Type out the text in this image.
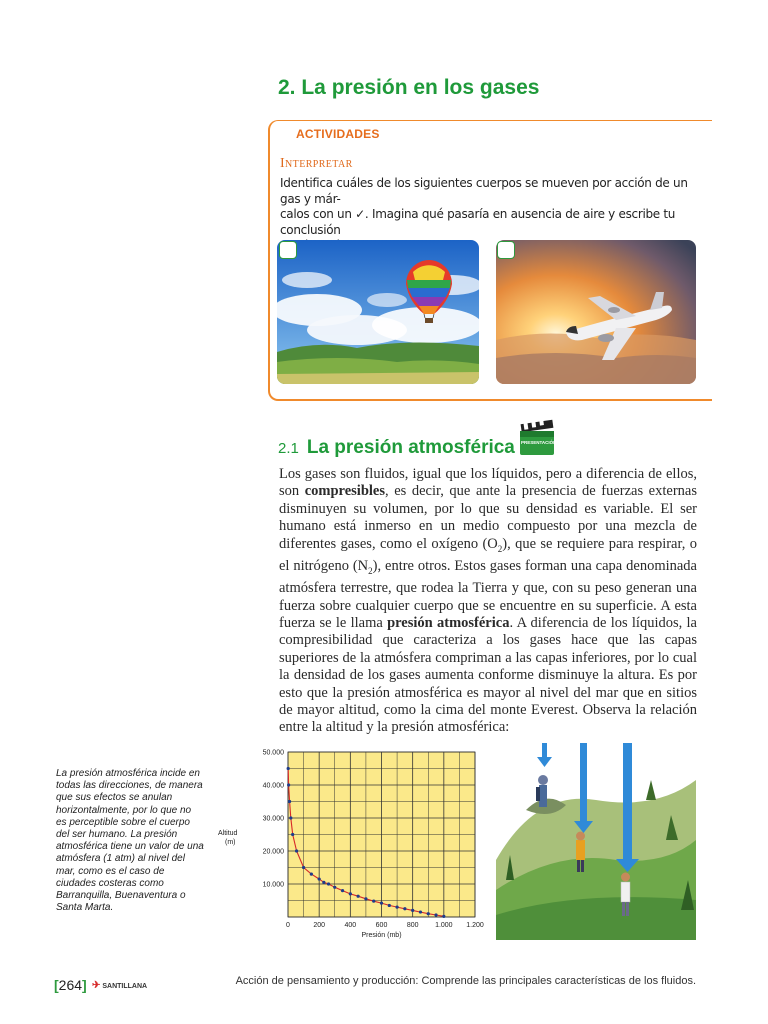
2. La presión en los gases
ACTIVIDADES
Interpretar
Identifica cuáles de los siguientes cuerpos se mueven por acción de un gas y már-
calos con un ✓. Imagina qué pasaría en ausencia de aire y escribe tu conclusión
2.1 La presión atmosférica PRESENTACIÓN
Los gases son fluidos, igual que los líquidos, pero a diferencia de ellos, son compresibles, es decir, que ante la presencia de fuerzas externas disminuyen su volumen, por lo que su densidad es variable. El ser humano está inmerso en un medio compuesto por una mezcla de diferentes gases, como el oxígeno $(O_2)$, que se requiere para respirar, o el nitrógeno $(N_2)$, entre otros. Estos gases forman una capa denominada atmósfera terrestre, que rodea la Tierra y que, con su peso generan una fuerza sobre cualquier cuerpo que se encuentre en su superficie. A esta fuerza se le llama presión atmosférica. A diferencia de los líquidos, la compresibilidad que caracteriza a los gases hace que las capas superiores de la atmósfera compriman a las capas inferiores, por lo cual la densidad de los gases aumenta conforme disminuye la altura. Es por esto que la presión atmosférica es mayor al nivel del mar que en sitios de mayor altitud, como la cima del monte Everest. Observa la relación entre la altitud y la presión atmosférica:
La presión atmosférica incide en todas las direcciones, de manera que sus efectos se anulan horizontalmente, por lo que no es perceptible sobre el cuerpo del ser humano. La presión atmosférica tiene un valor de una atmósfera (1 atm) al nivel del mar, como es el caso de ciudades costeras como Barranquilla, Buenaventura o Santa Marta.
10.000
20.000
30.000
40.000
50.000
0	200	400	600	800 1.000 1.200
Altitud (m)
Presión (mb)
[264] ✈ SANTILLANA	Acción de pensamiento y producción: Comprende las principales características de los fluidos.
